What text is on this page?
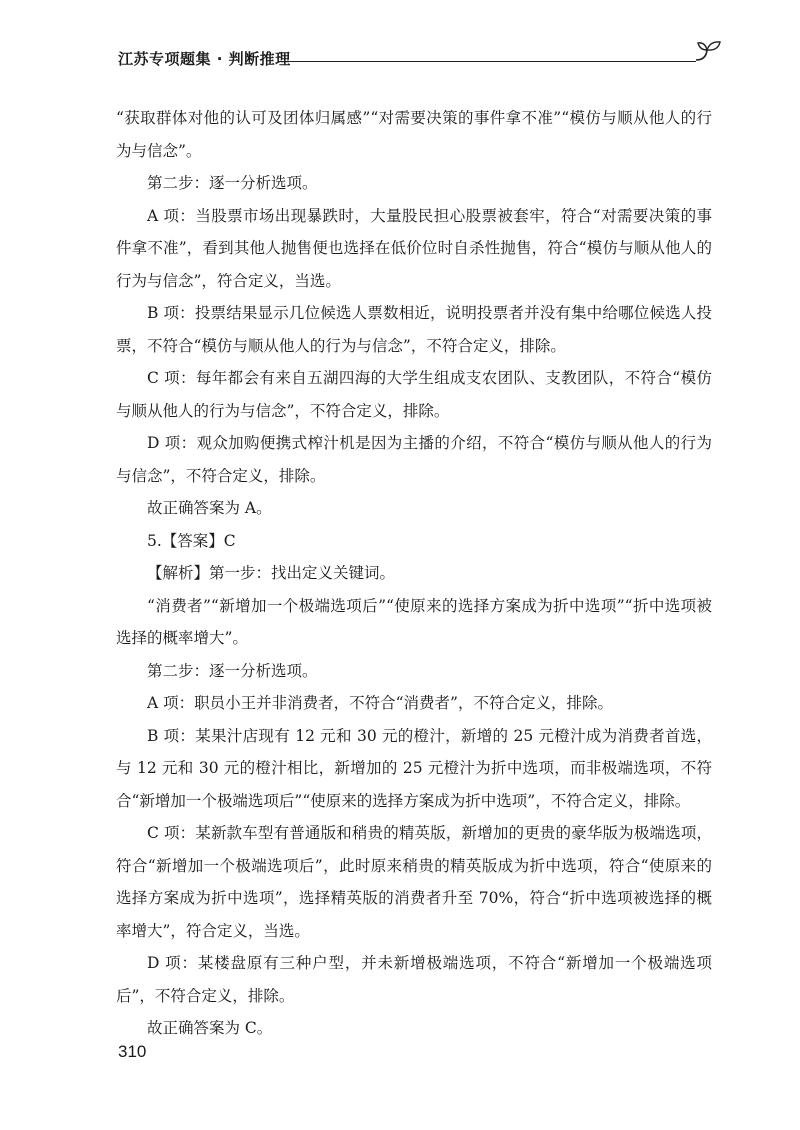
江苏专项题集 · 判断推理

“获取群体对他的认可及团体归属感”“对需要决策的事件拿不准”“模仿与顺从他人的行为与信念”。

第二步：逐一分析选项。

A 项：当股票市场出现暴跌时，大量股民担心股票被套牢，符合“对需要决策的事件拿不准”，看到其他人抛售便也选择在低价位时自杀性抛售，符合“模仿与顺从他人的行为与信念”，符合定义，当选。

B 项：投票结果显示几位候选人票数相近，说明投票者并没有集中给哪位候选人投票，不符合“模仿与顺从他人的行为与信念”，不符合定义，排除。

C 项：每年都会有来自五湖四海的大学生组成支农团队、支教团队，不符合“模仿与顺从他人的行为与信念”，不符合定义，排除。

D 项：观众加购便携式榨汁机是因为主播的介绍，不符合“模仿与顺从他人的行为与信念”，不符合定义，排除。

故正确答案为 A。

5.【答案】C

【解析】第一步：找出定义关键词。

“消费者”“新增加一个极端选项后”“使原来的选择方案成为折中选项”“折中选项被选择的概率增大”。

第二步：逐一分析选项。

A 项：职员小王并非消费者，不符合“消费者”，不符合定义，排除。

B 项：某果汁店现有 12 元和 30 元的橙汁，新增的 25 元橙汁成为消费者首选，与 12 元和 30 元的橙汁相比，新增加的 25 元橙汁为折中选项，而非极端选项，不符合“新增加一个极端选项后”“使原来的选择方案成为折中选项”，不符合定义，排除。

C 项：某新款车型有普通版和稍贵的精英版，新增加的更贵的豪华版为极端选项，符合“新增加一个极端选项后”，此时原来稍贵的精英版成为折中选项，符合“使原来的选择方案成为折中选项”，选择精英版的消费者升至 70%，符合“折中选项被选择的概率增大”，符合定义，当选。

D 项：某楼盘原有三种户型，并未新增极端选项，不符合“新增加一个极端选项后”，不符合定义，排除。

故正确答案为 C。

310
